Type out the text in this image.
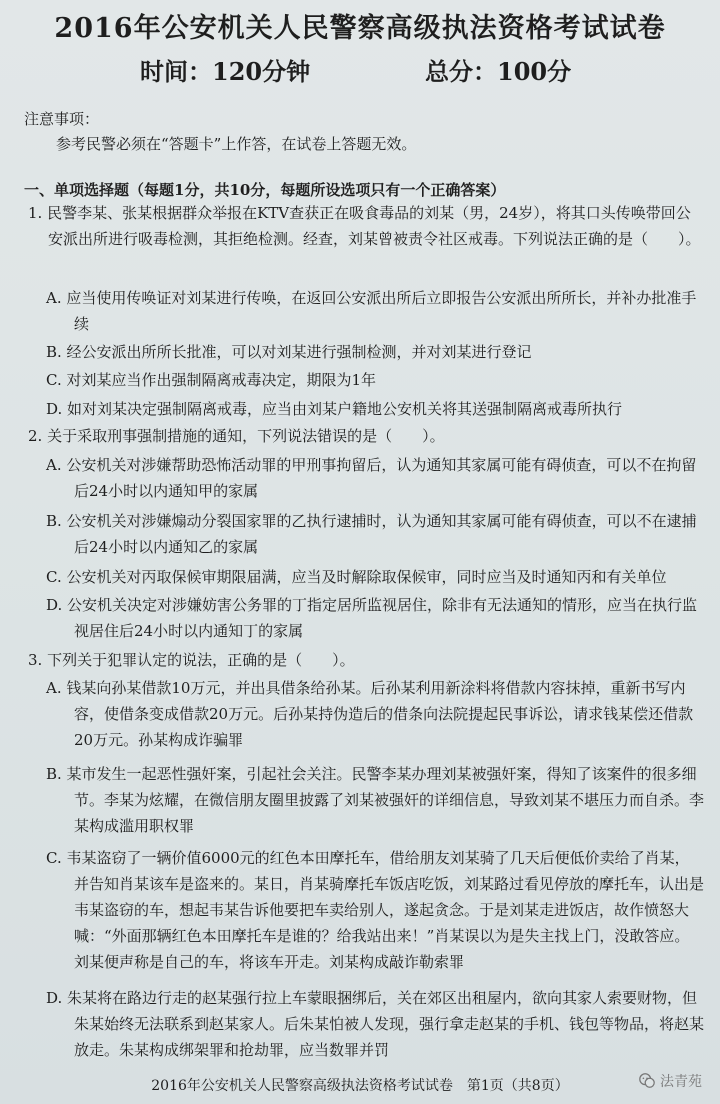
2016年公安机关人民警察高级执法资格考试试卷
时间：120分钟	总分：100分
注意事项：
参考民警必须在“答题卡”上作答，在试卷上答题无效。
一、单项选择题（每题1分，共10分，每题所设选项只有一个正确答案）
1. 民警李某、张某根据群众举报在KTV查获正在吸食毒品的刘某（男，24岁），将其口头传唤带回公安派出所进行吸毒检测，其拒绝检测。经查，刘某曾被责令社区戒毒。下列说法正确的是（　　）。
A. 应当使用传唤证对刘某进行传唤，在返回公安派出所后立即报告公安派出所所长，并补办批准手续
B. 经公安派出所所长批准，可以对刘某进行强制检测，并对刘某进行登记
C. 对刘某应当作出强制隔离戒毒决定，期限为1年
D. 如对刘某决定强制隔离戒毒，应当由刘某户籍地公安机关将其送强制隔离戒毒所执行
2. 关于采取刑事强制措施的通知，下列说法错误的是（　　）。
A. 公安机关对涉嫌帮助恐怖活动罪的甲刑事拘留后，认为通知其家属可能有碍侦查，可以不在拘留后24小时以内通知甲的家属
B. 公安机关对涉嫌煽动分裂国家罪的乙执行逮捕时，认为通知其家属可能有碍侦查，可以不在逮捕后24小时以内通知乙的家属
C. 公安机关对丙取保候审期限届满，应当及时解除取保候审，同时应当及时通知丙和有关单位
D. 公安机关决定对涉嫌妨害公务罪的丁指定居所监视居住，除非有无法通知的情形，应当在执行监视居住后24小时以内通知丁的家属
3. 下列关于犯罪认定的说法，正确的是（　　）。
A. 钱某向孙某借款10万元，并出具借条给孙某。后孙某利用新涂料将借款内容抹掉，重新书写内容，使借条变成借款20万元。后孙某持伪造后的借条向法院提起民事诉讼，请求钱某偿还借款20万元。孙某构成诈骗罪
B. 某市发生一起恶性强奸案，引起社会关注。民警李某办理刘某被强奸案，得知了该案件的很多细节。李某为炫耀，在微信朋友圈里披露了刘某被强奸的详细信息，导致刘某不堪压力而自杀。李某构成滥用职权罪
C. 韦某盗窃了一辆价值6000元的红色本田摩托车，借给朋友刘某骑了几天后便低价卖给了肖某，并告知肖某该车是盗来的。某日，肖某骑摩托车饭店吃饭，刘某路过看见停放的摩托车，认出是韦某盗窃的车，想起韦某告诉他要把车卖给别人，遂起贪念。于是刘某走进饭店，故作愤怒大喊：“外面那辆红色本田摩托车是谁的？给我站出来！”肖某误以为是失主找上门，没敢答应。刘某便声称是自己的车，将该车开走。刘某构成敲诈勒索罪
D. 朱某将在路边行走的赵某强行拉上车蒙眼捆绑后，关在郊区出租屋内，欲向其家人索要财物，但朱某始终无法联系到赵某家人。后朱某怕被人发现，强行拿走赵某的手机、钱包等物品，将赵某放走。朱某构成绑架罪和抢劫罪，应当数罪并罚
2016年公安机关人民警察高级执法资格考试试卷　第1页（共8页）	法青苑
